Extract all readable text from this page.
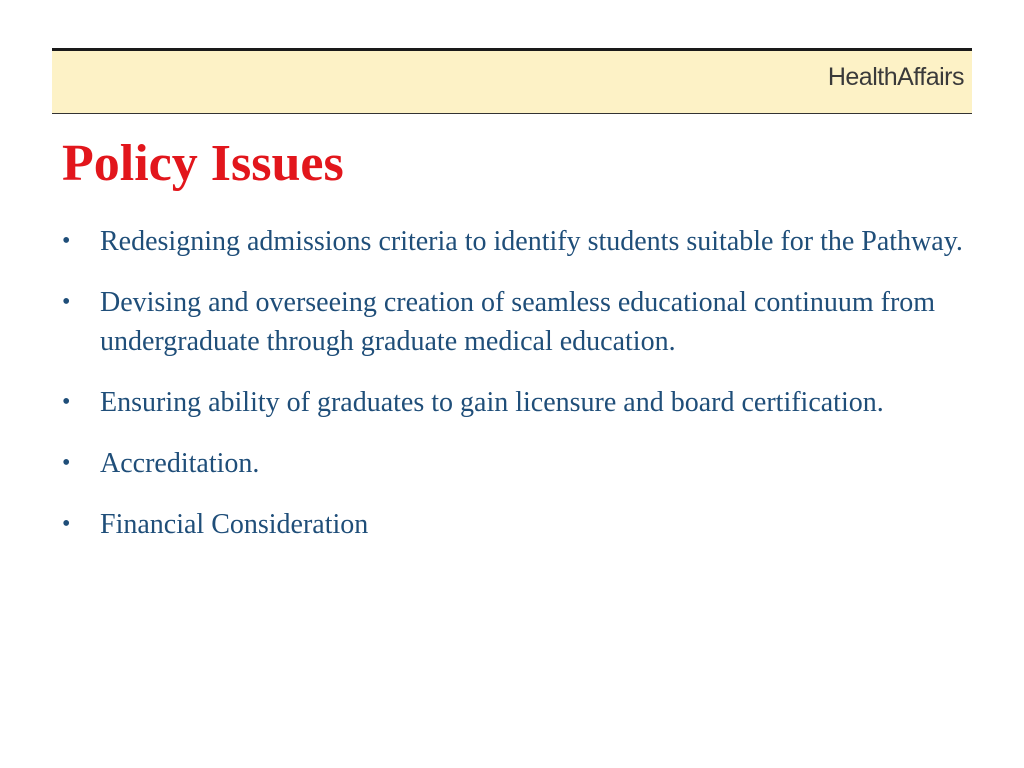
HealthAffairs
Policy Issues
• Redesigning admissions criteria to identify students suitable for the Pathway.
• Devising and overseeing creation of seamless educational continuum from undergraduate through graduate medical education.
• Ensuring ability of graduates to gain licensure and board certification.
• Accreditation.
• Financial Consideration
